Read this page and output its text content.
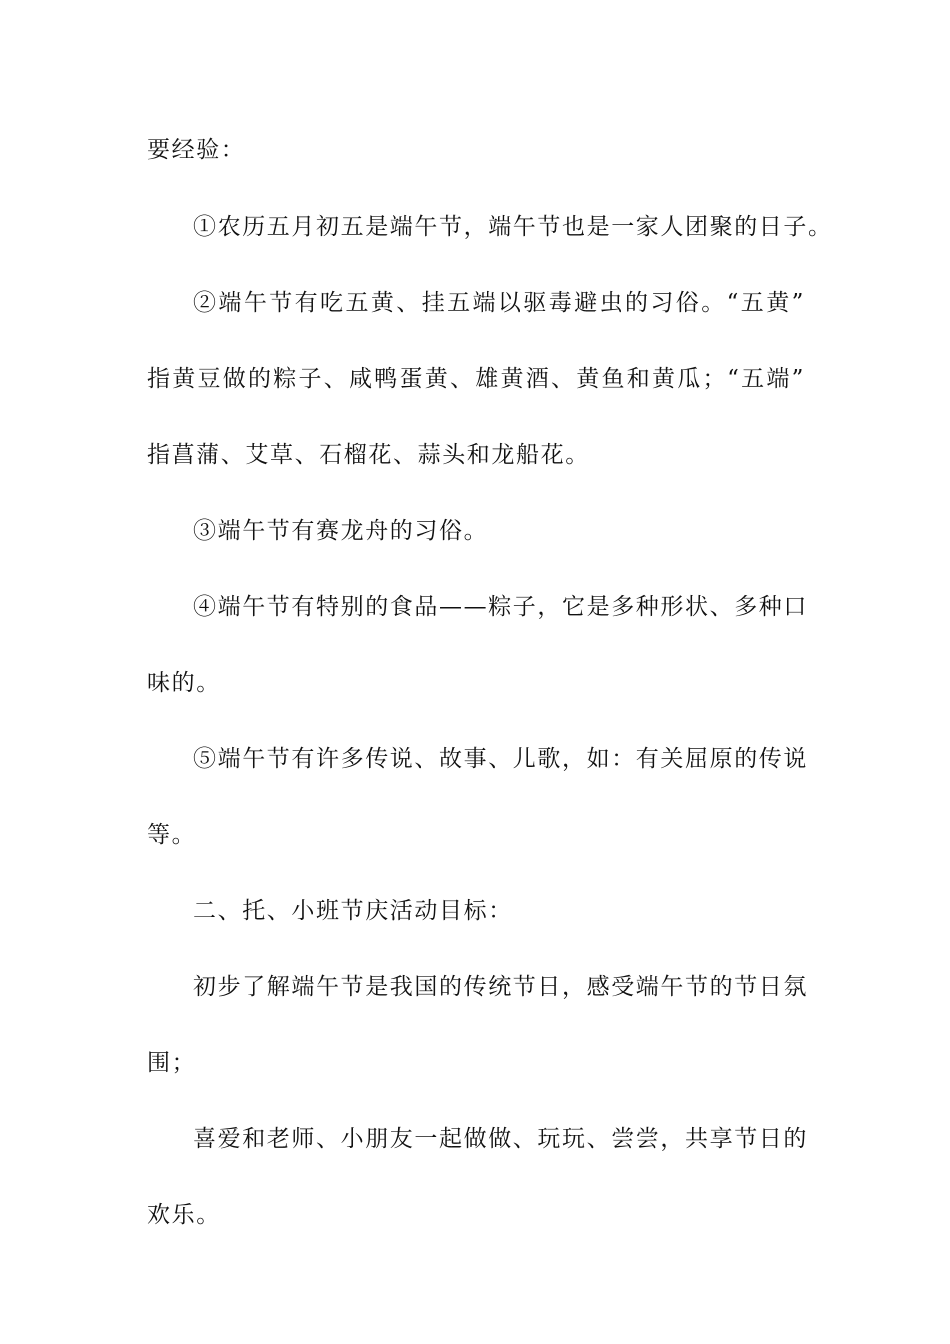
要经验：
①农历五月初五是端午节，端午节也是一家人团聚的日子。
②端午节有吃五黄、挂五端以驱毒避虫的习俗。“五黄”
指黄豆做的粽子、咸鸭蛋黄、雄黄酒、黄鱼和黄瓜；“五端”
指菖蒲、艾草、石榴花、蒜头和龙船花。
③端午节有赛龙舟的习俗。
④端午节有特别的食品——粽子，它是多种形状、多种口
味的。
⑤端午节有许多传说、故事、儿歌，如：有关屈原的传说
等。
二、托、小班节庆活动目标：
初步了解端午节是我国的传统节日，感受端午节的节日氛
围；
喜爱和老师、小朋友一起做做、玩玩、尝尝，共享节日的
欢乐。
